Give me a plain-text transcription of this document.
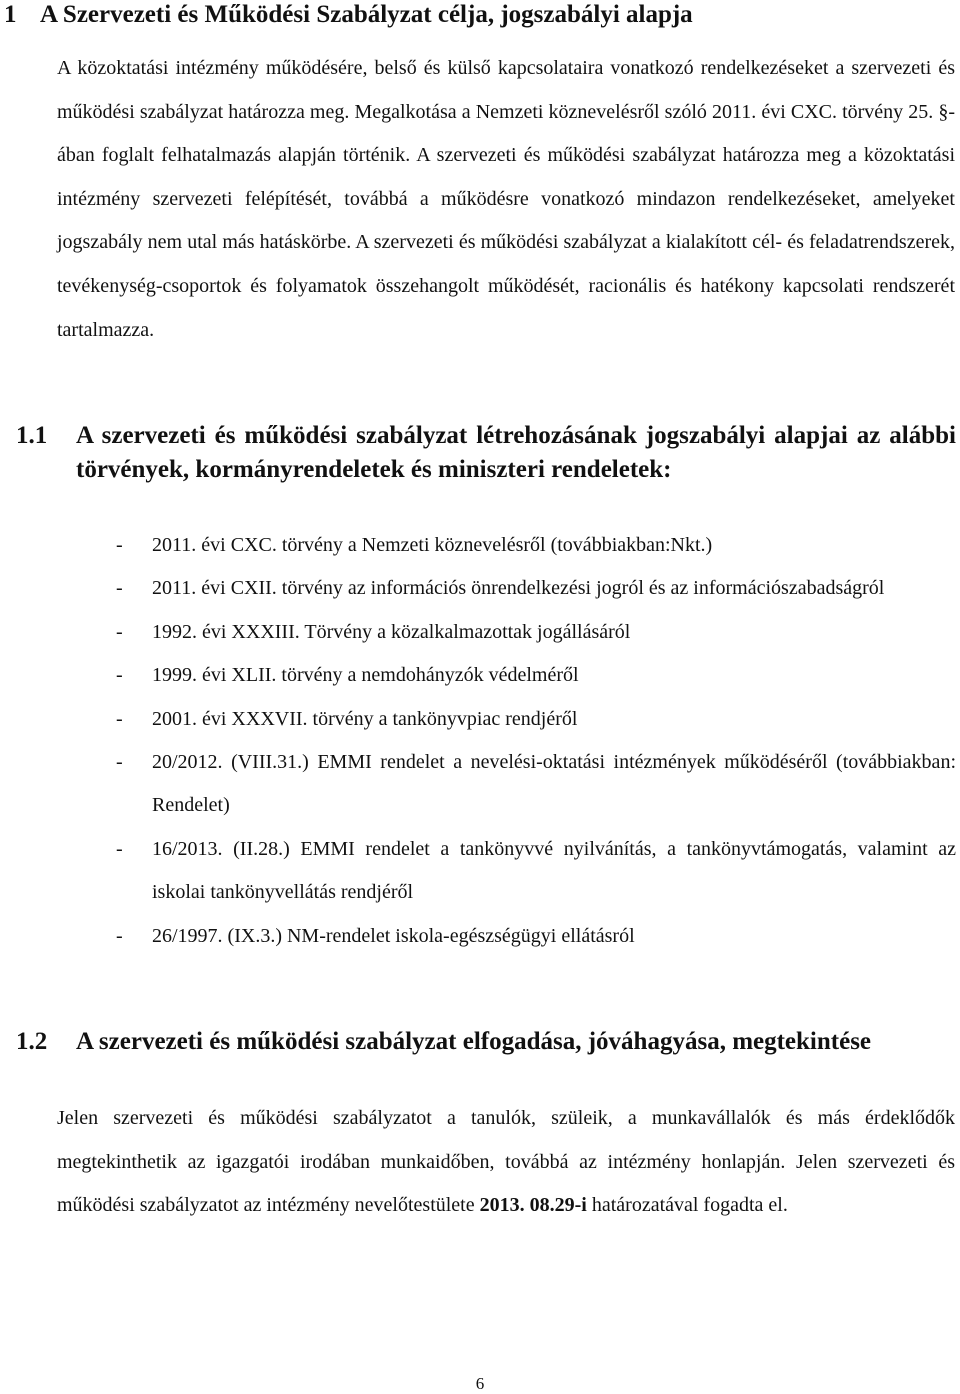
1 A Szervezeti és Működési Szabályzat célja, jogszabályi alapja

A közoktatási intézmény működésére, belső és külső kapcsolataira vonatkozó rendelkezéseket a szervezeti és működési szabályzat határozza meg. Megalkotása a Nemzeti köznevelésről szóló 2011. évi CXC. törvény 25. §-ában foglalt felhatalmazás alapján történik. A szervezeti és működési szabályzat határozza meg a közoktatási intézmény szervezeti felépítését, továbbá a működésre vonatkozó mindazon rendelkezéseket, amelyeket jogszabály nem utal más hatáskörbe. A szervezeti és működési szabályzat a kialakított cél- és feladatrendszerek, tevékenység-csoportok és folyamatok összehangolt működését, racionális és hatékony kapcsolati rendszerét tartalmazza.

1.1 A szervezeti és működési szabályzat létrehozásának jogszabályi alapjai az alábbi törvények, kormányrendeletek és miniszteri rendeletek:
- 2011. évi CXC. törvény a Nemzeti köznevelésről (továbbiakban:Nkt.)
- 2011. évi CXII. törvény az információs önrendelkezési jogról és az információszabadságról
- 1992. évi XXXIII. Törvény a közalkalmazottak jogállásáról
- 1999. évi XLII. törvény a nemdohányzók védelméről
- 2001. évi XXXVII. törvény a tankönyvpiac rendjéről
- 20/2012. (VIII.31.) EMMI rendelet a nevelési-oktatási intézmények működéséről (továbbiakban: Rendelet)
- 16/2013. (II.28.) EMMI rendelet a tankönyvvé nyilvánítás, a tankönyvtámogatás, valamint az iskolai tankönyvellátás rendjéről
- 26/1997. (IX.3.) NM-rendelet iskola-egészségügyi ellátásról
1.2 A szervezeti és működési szabályzat elfogadása, jóváhagyása, megtekintése

Jelen szervezeti és működési szabályzatot a tanulók, szüleik, a munkavállalók és más érdeklődők megtekinthetik az igazgatói irodában munkaidőben, továbbá az intézmény honlapján. Jelen szervezeti és működési szabályzatot az intézmény nevelőtestülete 2013. 08.29-i határozatával fogadta el.

6
